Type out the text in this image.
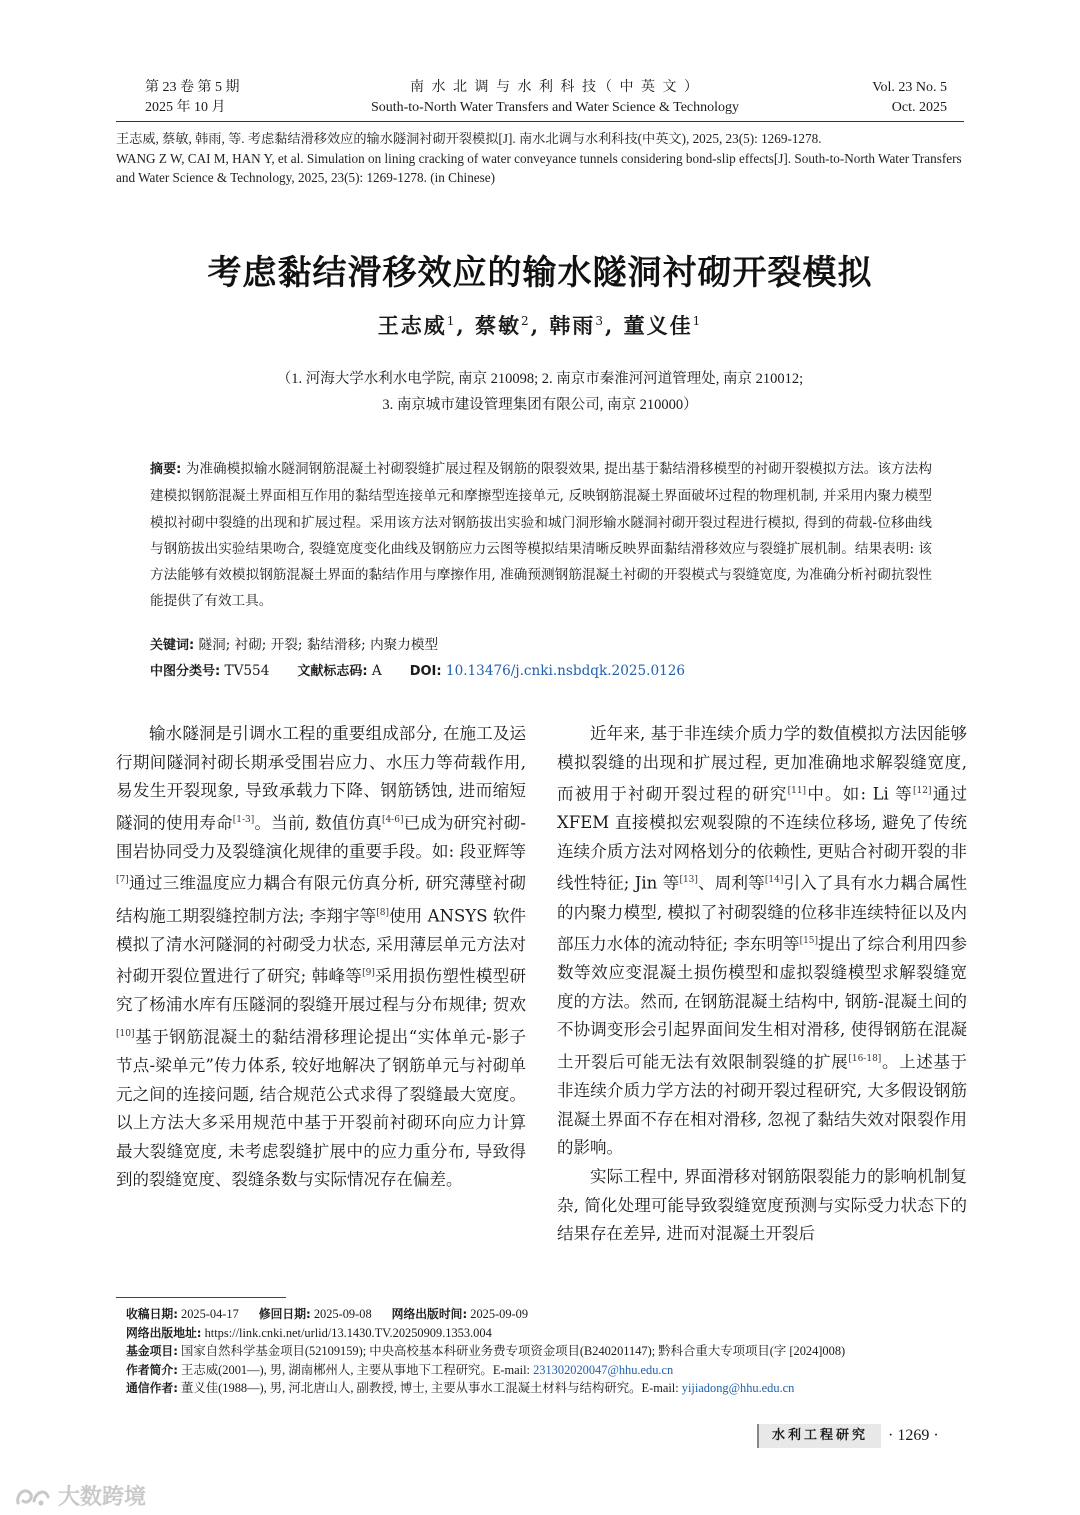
第 23 卷 第 5 期
2025 年 10 月
南 水 北 调 与 水 利 科 技（ 中 英 文 ）
South-to-North Water Transfers and Water Science & Technology
Vol. 23 No. 5
Oct. 2025
王志威, 蔡敏, 韩雨, 等. 考虑黏结滑移效应的输水隧洞衬砌开裂模拟[J]. 南水北调与水利科技(中英文), 2025, 23(5): 1269-1278.
WANG Z W, CAI M, HAN Y, et al. Simulation on lining cracking of water conveyance tunnels considering bond-slip effects[J]. South-to-North Water Transfers and Water Science & Technology, 2025, 23(5): 1269-1278. (in Chinese)
考虑黏结滑移效应的输水隧洞衬砌开裂模拟
王志威$^1$, 蔡敏$^2$, 韩雨$^3$, 董义佳$^1$
（1. 河海大学水利水电学院, 南京 210098; 2. 南京市秦淮河河道管理处, 南京 210012;
3. 南京城市建设管理集团有限公司, 南京 210000）
摘要: 为准确模拟输水隧洞钢筋混凝土衬砌裂缝扩展过程及钢筋的限裂效果, 提出基于黏结滑移模型的衬砌开裂模拟方法。该方法构建模拟钢筋混凝土界面相互作用的黏结型连接单元和摩擦型连接单元, 反映钢筋混凝土界面破坏过程的物理机制, 并采用内聚力模型模拟衬砌中裂缝的出现和扩展过程。采用该方法对钢筋拔出实验和城门洞形输水隧洞衬砌开裂过程进行模拟, 得到的荷载-位移曲线与钢筋拔出实验结果吻合, 裂缝宽度变化曲线及钢筋应力云图等模拟结果清晰反映界面黏结滑移效应与裂缝扩展机制。结果表明: 该方法能够有效模拟钢筋混凝土界面的黏结作用与摩擦作用, 准确预测钢筋混凝土衬砌的开裂模式与裂缝宽度, 为准确分析衬砌抗裂性能提供了有效工具。
关键词: 隧洞; 衬砌; 开裂; 黏结滑移; 内聚力模型
中图分类号: TV554 文献标志码: A DOI: 10.13476/j.cnki.nsbdqk.2025.0126

输水隧洞是引调水工程的重要组成部分, 在施工及运行期间隧洞衬砌长期承受围岩应力、水压力等荷载作用, 易发生开裂现象, 导致承载力下降、钢筋锈蚀, 进而缩短隧洞的使用寿命[1-3]。当前, 数值仿真[4-6]已成为研究衬砌-围岩协同受力及裂缝演化规律的重要手段。如: 段亚辉等[7]通过三维温度应力耦合有限元仿真分析, 研究薄壁衬砌结构施工期裂缝控制方法; 李翔宇等[8]使用 ANSYS 软件模拟了清水河隧洞的衬砌受力状态, 采用薄层单元方法对衬砌开裂位置进行了研究; 韩峰等[9]采用损伤塑性模型研究了杨浦水库有压隧洞的裂缝开展过程与分布规律; 贺欢[10]基于钢筋混凝土的黏结滑移理论提出“实体单元-影子节点-梁单元”传力体系, 较好地解决了钢筋单元与衬砌单元之间的连接问题, 结合规范公式求得了裂缝最大宽度。以上方法大多采用规范中基于开裂前衬砌环向应力计算最大裂缝宽度, 未考虑裂缝扩展中的应力重分布, 导致得到的裂缝宽度、裂缝条数与实际情况存在偏差。

近年来, 基于非连续介质力学的数值模拟方法因能够模拟裂缝的出现和扩展过程, 更加准确地求解裂缝宽度, 而被用于衬砌开裂过程的研究[11]中。如: Li 等[12]通过 XFEM 直接模拟宏观裂隙的不连续位移场, 避免了传统连续介质方法对网格划分的依赖性, 更贴合衬砌开裂的非线性特征; Jin 等[13]、周利等[14]引入了具有水力耦合属性的内聚力模型, 模拟了衬砌裂缝的位移非连续特征以及内部压力水体的流动特征; 李东明等[15]提出了综合利用四参数等效应变混凝土损伤模型和虚拟裂缝模型求解裂缝宽度的方法。然而, 在钢筋混凝土结构中, 钢筋-混凝土间的不协调变形会引起界面间发生相对滑移, 使得钢筋在混凝土开裂后可能无法有效限制裂缝的扩展[16-18]。上述基于非连续介质力学方法的衬砌开裂过程研究, 大多假设钢筋混凝土界面不存在相对滑移, 忽视了黏结失效对限裂作用的影响。

实际工程中, 界面滑移对钢筋限裂能力的影响机制复杂, 简化处理可能导致裂缝宽度预测与实际受力状态下的结果存在差异, 进而对混凝土开裂后

收稿日期: 2025-04-17 修回日期: 2025-09-08 网络出版时间: 2025-09-09
网络出版地址: https://link.cnki.net/urlid/13.1430.TV.20250909.1353.004
基金项目: 国家自然科学基金项目(52109159); 中央高校基本科研业务费专项资金项目(B240201147); 黔科合重大专项项目(字 [2024]008)
作者简介: 王志威(2001—), 男, 湖南郴州人, 主要从事地下工程研究。E-mail: 231302020047@hhu.edu.cn
通信作者: 董义佳(1988—), 男, 河北唐山人, 副教授, 博士, 主要从事水工混凝土材料与结构研究。E-mail: yijiadong@hhu.edu.cn
水利工程研究	· 1269 ·
大数跨境
